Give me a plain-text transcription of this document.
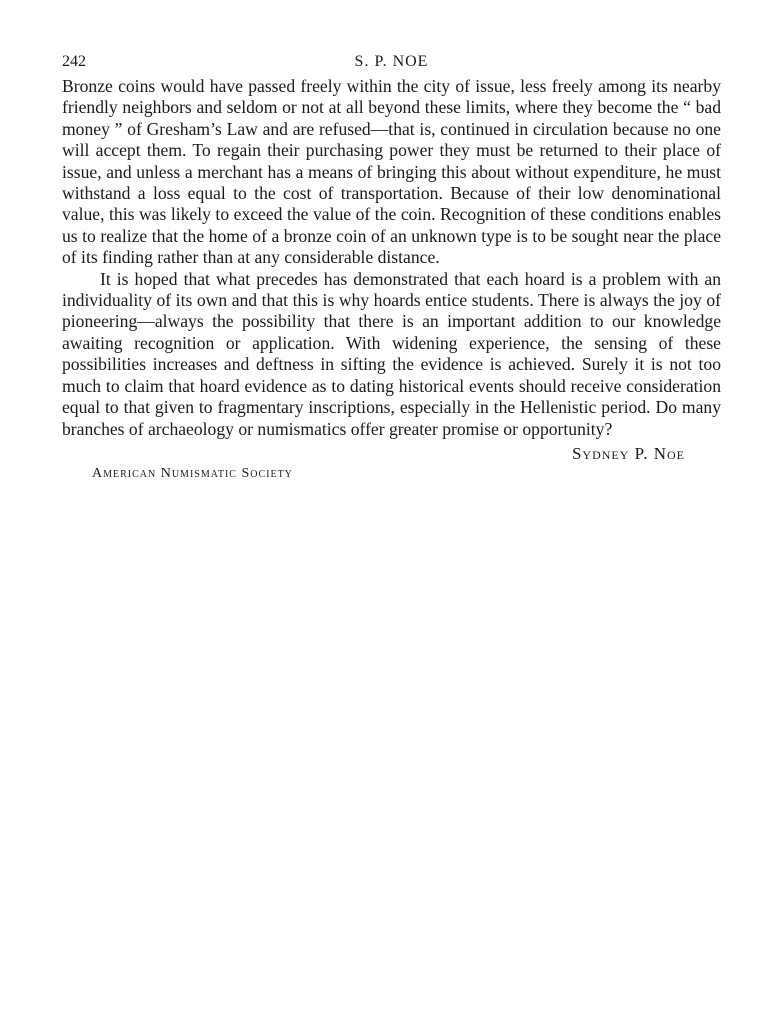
242	S. P. NOE

Bronze coins would have passed freely within the city of issue, less freely among its nearby friendly neighbors and seldom or not at all beyond these limits, where they become the “ bad money ” of Gresham’s Law and are refused—that is, continued in circulation because no one will accept them. To regain their purchasing power they must be returned to their place of issue, and unless a merchant has a means of bringing this about without expenditure, he must withstand a loss equal to the cost of transportation. Because of their low denominational value, this was likely to exceed the value of the coin. Recognition of these conditions enables us to realize that the home of a bronze coin of an unknown type is to be sought near the place of its finding rather than at any considerable distance.

It is hoped that what precedes has demonstrated that each hoard is a problem with an individuality of its own and that this is why hoards entice students. There is always the joy of pioneering—always the possibility that there is an important addition to our knowledge awaiting recognition or application. With widening experience, the sensing of these possibilities increases and deftness in sifting the evidence is achieved. Surely it is not too much to claim that hoard evidence as to dating historical events should receive consideration equal to that given to fragmentary inscriptions, especially in the Hellenistic period. Do many branches of archaeology or numismatics offer greater promise or opportunity?

Sydney P. Noe
American Numismatic Society
